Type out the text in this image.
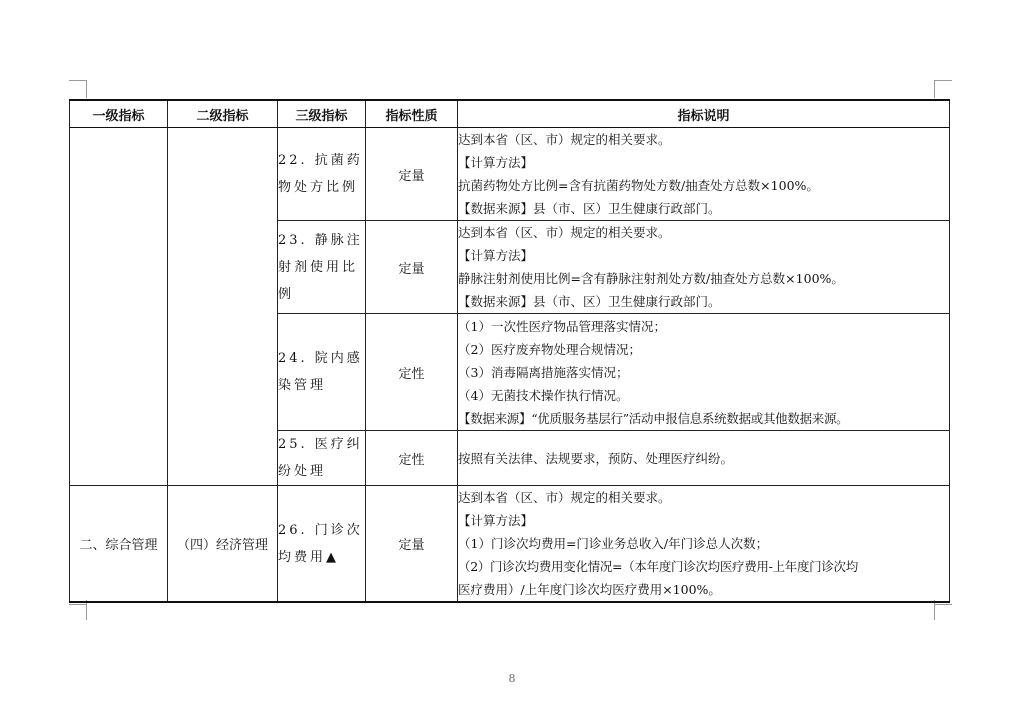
一级指标	二级指标	三级指标	指标性质	指标说明
		22. 抗菌药物处方比例	定量	达到本省（区、市）规定的相关要求。
【计算方法】
抗菌药物处方比例=含有抗菌药物处方数/抽查处方总数×100%。
【数据来源】县（市、区）卫生健康行政部门。

		23. 静脉注射剂使用比例	定量	达到本省（区、市）规定的相关要求。
【计算方法】
静脉注射剂使用比例=含有静脉注射剂处方数/抽查处方总数×100%。
【数据来源】县（市、区）卫生健康行政部门。

		24. 院内感染管理	定性	（1）一次性医疗物品管理落实情况；
（2）医疗废弃物处理合规情况；
（3）消毒隔离措施落实情况；
（4）无菌技术操作执行情况。
【数据来源】“优质服务基层行”活动申报信息系统数据或其他数据来源。

		25. 医疗纠纷处理	定性	按照有关法律、法规要求，预防、处理医疗纠纷。

二、综合管理	（四）经济管理	26. 门诊次均费用▲	定量	达到本省（区、市）规定的相关要求。
【计算方法】
（1）门诊次均费用=门诊业务总收入/年门诊总人次数；
（2）门诊次均费用变化情况=（本年度门诊次均医疗费用-上年度门诊次均
医疗费用）/上年度门诊次均医疗费用×100%。
8
